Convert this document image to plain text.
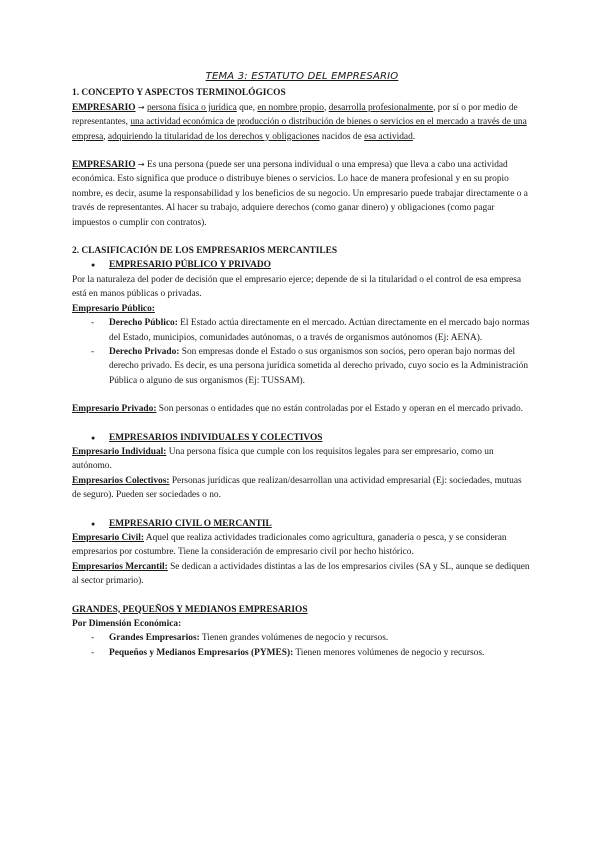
TEMA 3: ESTATUTO DEL EMPRESARIO

1. CONCEPTO Y ASPECTOS TERMINOLÓGICOS

EMPRESARIO → persona física o jurídica que, en nombre propio, desarrolla profesionalmente, por sí o por medio de representantes, una actividad económica de producción o distribución de bienes o servicios en el mercado a través de una empresa, adquiriendo la titularidad de los derechos y obligaciones nacidos de esa actividad.

EMPRESARIO → Es una persona (puede ser una persona individual o una empresa) que lleva a cabo una actividad económica. Esto significa que produce o distribuye bienes o servicios. Lo hace de manera profesional y en su propio nombre, es decir, asume la responsabilidad y los beneficios de su negocio. Un empresario puede trabajar directamente o a través de representantes. Al hacer su trabajo, adquiere derechos (como ganar dinero) y obligaciones (como pagar impuestos o cumplir con contratos).

2. CLASIFICACIÓN DE LOS EMPRESARIOS MERCANTILES

● EMPRESARIO PÚBLICO Y PRIVADO

Por la naturaleza del poder de decisión que el empresario ejerce; depende de si la titularidad o el control de esa empresa está en manos públicas o privadas.

Empresario Público:

- Derecho Público: El Estado actúa directamente en el mercado. Actúan directamente en el mercado bajo normas del Estado, municipios, comunidades autónomas, o a través de organismos autónomos (Ej: AENA).
- Derecho Privado: Son empresas donde el Estado o sus organismos son socios, pero operan bajo normas del derecho privado. Es decir, es una persona jurídica sometida al derecho privado, cuyo socio es la Administración Pública o alguno de sus organismos (Ej: TUSSAM).

Empresario Privado: Son personas o entidades que no están controladas por el Estado y operan en el mercado privado.

● EMPRESARIOS INDIVIDUALES Y COLECTIVOS

Empresario Individual: Una persona física que cumple con los requisitos legales para ser empresario, como un autónomo.

Empresarios Colectivos: Personas jurídicas que realizan/desarrollan una actividad empresarial (Ej: sociedades, mutuas de seguro). Pueden ser sociedades o no.

● EMPRESARIO CIVIL O MERCANTIL

Empresario Civil: Aquel que realiza actividades tradicionales como agricultura, ganadería o pesca, y se consideran empresarios por costumbre. Tiene la consideración de empresario civil por hecho histórico.

Empresarios Mercantil: Se dedican a actividades distintas a las de los empresarios civiles (SA y SL, aunque se dediquen al sector primario).

GRANDES, PEQUEÑOS Y MEDIANOS EMPRESARIOS

Por Dimensión Económica:

- Grandes Empresarios: Tienen grandes volúmenes de negocio y recursos.
- Pequeños y Medianos Empresarios (PYMES): Tienen menores volúmenes de negocio y recursos.
